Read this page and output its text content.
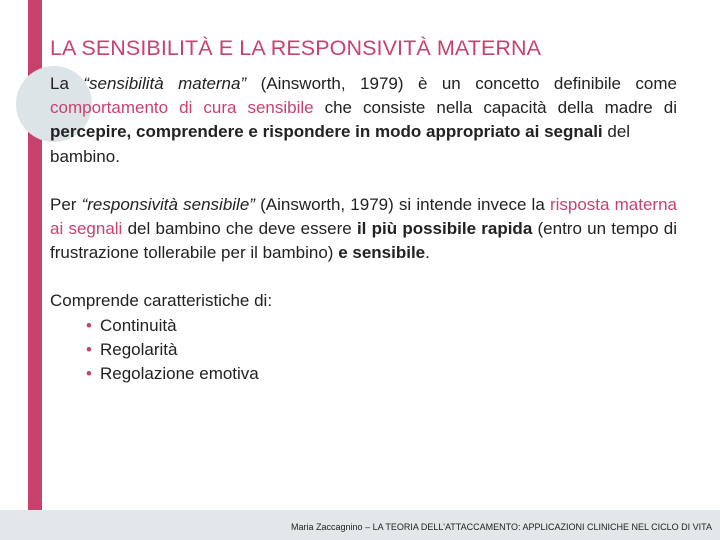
LA SENSIBILITÀ E LA RESPONSIVITÀ MATERNA

La “sensibilità materna” (Ainsworth, 1979) è un concetto definibile come comportamento di cura sensibile che consiste nella capacità della madre di percepire, comprendere e rispondere in modo appropriato ai segnali del
bambino.

Per “responsività sensibile” (Ainsworth, 1979) si intende invece la risposta materna ai segnali del bambino che deve essere il più possibile rapida (entro un tempo di frustrazione tollerabile per il bambino) e sensibile.

Comprende caratteristiche di:

• Continuità
• Regolarità
• Regolazione emotiva
Maria Zaccagnino – LA TEORIA DELL’ATTACCAMENTO: APPLICAZIONI CLINICHE NEL CICLO DI VITA
